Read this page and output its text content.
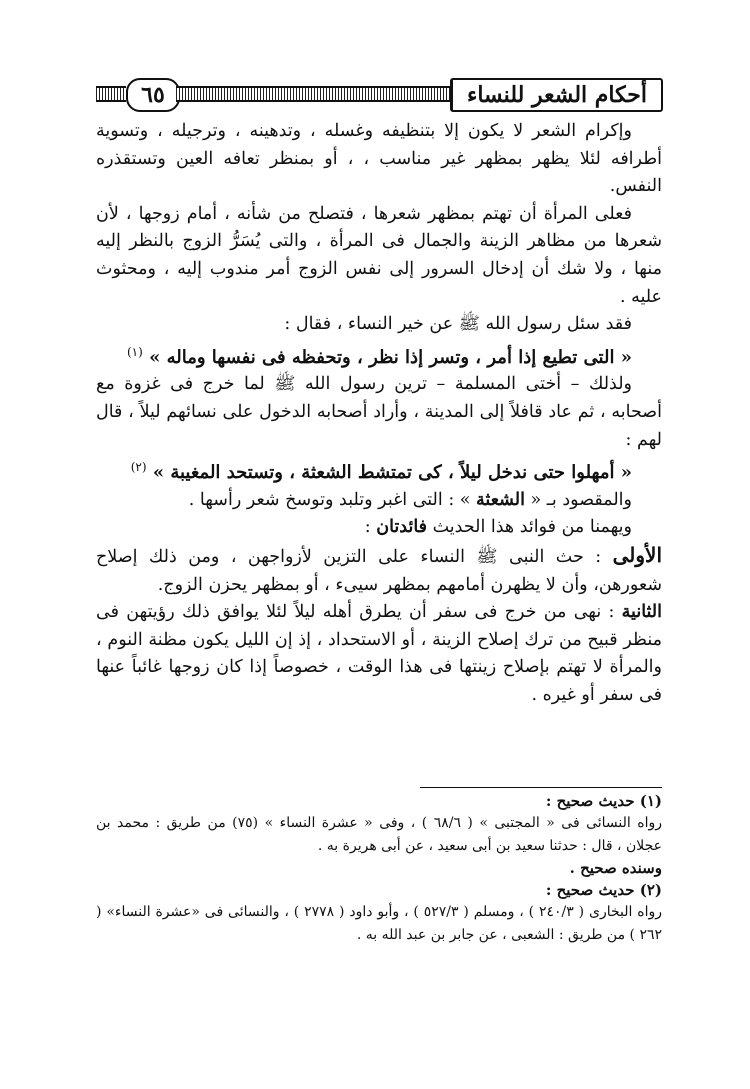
٦٥	أحكام الشعر للنساء

وإكرام الشعر لا يكون إلا بتنظيفه وغسله ، وتدهينه ، وترجيله ، وتسوية أطرافه لئلا يظهر بمظهر غير مناسب ، ، أو بمنظر تعافه العين وتستقذره النفس.

فعلى المرأة أن تهتم بمظهر شعرها ، فتصلح من شأنه ، أمام زوجها ، لأن شعرها من مظاهر الزينة والجمال فى المرأة ، والتى يُسَرُّ الزوج بالنظر إليه منها ، ولا شك أن إدخال السرور إلى نفس الزوج أمر مندوب إليه ، ومحثوث عليه .

فقد سئل رسول الله ﷺ عن خير النساء ، فقال :

« التى تطيع إذا أمر ، وتسر إذا نظر ، وتحفظه فى نفسها وماله » $^{(١)}$

ولذلك – أختى المسلمة – ترين رسول الله ﷺ لما خرج فى غزوة مع أصحابه ، ثم عاد قافلاً إلى المدينة ، وأراد أصحابه الدخول على نسائهم ليلاً ، قال لهم :

« أمهلوا حتى ندخل ليلاً ، كى تمتشط الشعثة ، وتستحد المغيبة » $^{(٢)}$

والمقصود بـ « الشعثة » : التى اغبر وتلبد وتوسخ شعر رأسها .

ويهمنا من فوائد هذا الحديث فائدتان :

الأولى : حث النبى ﷺ النساء على التزين لأزواجهن ، ومن ذلك إصلاح شعورهن، وأن لا يظهرن أمامهم بمظهر سيىء ، أو بمظهر يحزن الزوج.

الثانية : نهى من خرج فى سفر أن يطرق أهله ليلاً لئلا يوافق ذلك رؤيتهن فى منظر قبيح من ترك إصلاح الزينة ، أو الاستحداد ، إذ إن الليل يكون مظنة النوم ، والمرأة لا تهتم بإصلاح زينتها فى هذا الوقت ، خصوصاً إذا كان زوجها غائباً عنها فى سفر أو غيره .

(١) حديث صحيح :

رواه النسائى فى « المجتبى » ( ٦٨/٦ ) ، وفى « عشرة النساء » (٧٥) من طريق : محمد بن عجلان ، قال : حدثنا سعيد بن أبى سعيد ، عن أبى هريرة به .

وسنده صحيح .

(٢) حديث صحيح :

رواه البخارى ( ٢٤٠/٣ ) ، ومسلم ( ٥٢٧/٣ ) ، وأبو داود ( ٢٧٧٨ ) ، والنسائى فى «عشرة النساء» ( ٢٦٢ ) من طريق : الشعبى ، عن جابر بن عبد الله به .
